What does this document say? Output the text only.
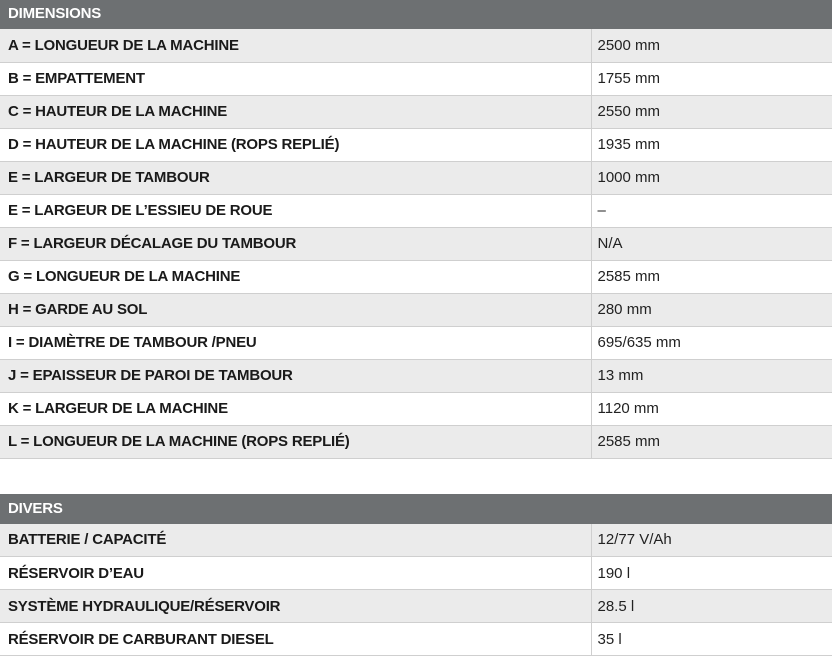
DIMENSIONS
A = LONGUEUR DE LA MACHINE	2500 mm
B = EMPATTEMENT	1755 mm
C = HAUTEUR DE LA MACHINE	2550 mm
D = HAUTEUR DE LA MACHINE (ROPS REPLIÉ)	1935 mm
E = LARGEUR DE TAMBOUR	1000 mm
E = LARGEUR DE L’ESSIEU DE ROUE	–
F = LARGEUR DÉCALAGE DU TAMBOUR	N/A
G = LONGUEUR DE LA MACHINE	2585 mm
H = GARDE AU SOL	280 mm
I = DIAMÈTRE DE TAMBOUR /PNEU	695/635 mm
J = EPAISSEUR DE PAROI DE TAMBOUR	13 mm
K = LARGEUR DE LA MACHINE	1120 mm
L = LONGUEUR DE LA MACHINE (ROPS REPLIÉ)	2585 mm
DIVERS
BATTERIE / CAPACITÉ	12/77 V/Ah
RÉSERVOIR D’EAU	190 l
SYSTÈME HYDRAULIQUE/RÉSERVOIR	28.5 l
RÉSERVOIR DE CARBURANT DIESEL	35 l
